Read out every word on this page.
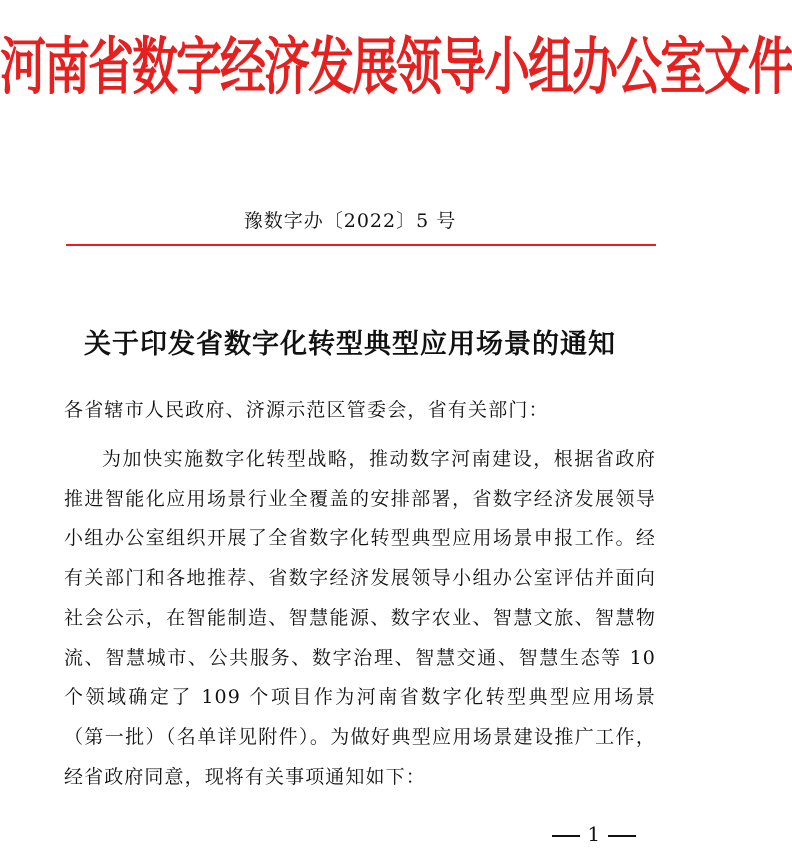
河南省数字经济发展领导小组办公室文件
豫数字办〔2022〕5 号
关于印发省数字化转型典型应用场景的通知
各省辖市人民政府、济源示范区管委会，省有关部门：

为加快实施数字化转型战略，推动数字河南建设，根据省政府推进智能化应用场景行业全覆盖的安排部署，省数字经济发展领导小组办公室组织开展了全省数字化转型典型应用场景申报工作。经有关部门和各地推荐、省数字经济发展领导小组办公室评估并面向社会公示，在智能制造、智慧能源、数字农业、智慧文旅、智慧物流、智慧城市、公共服务、数字治理、智慧交通、智慧生态等 10 个领域确定了 109 个项目作为河南省数字化转型典型应用场景（第一批）（名单详见附件）。为做好典型应用场景建设推广工作，经省政府同意，现将有关事项通知如下：

1
